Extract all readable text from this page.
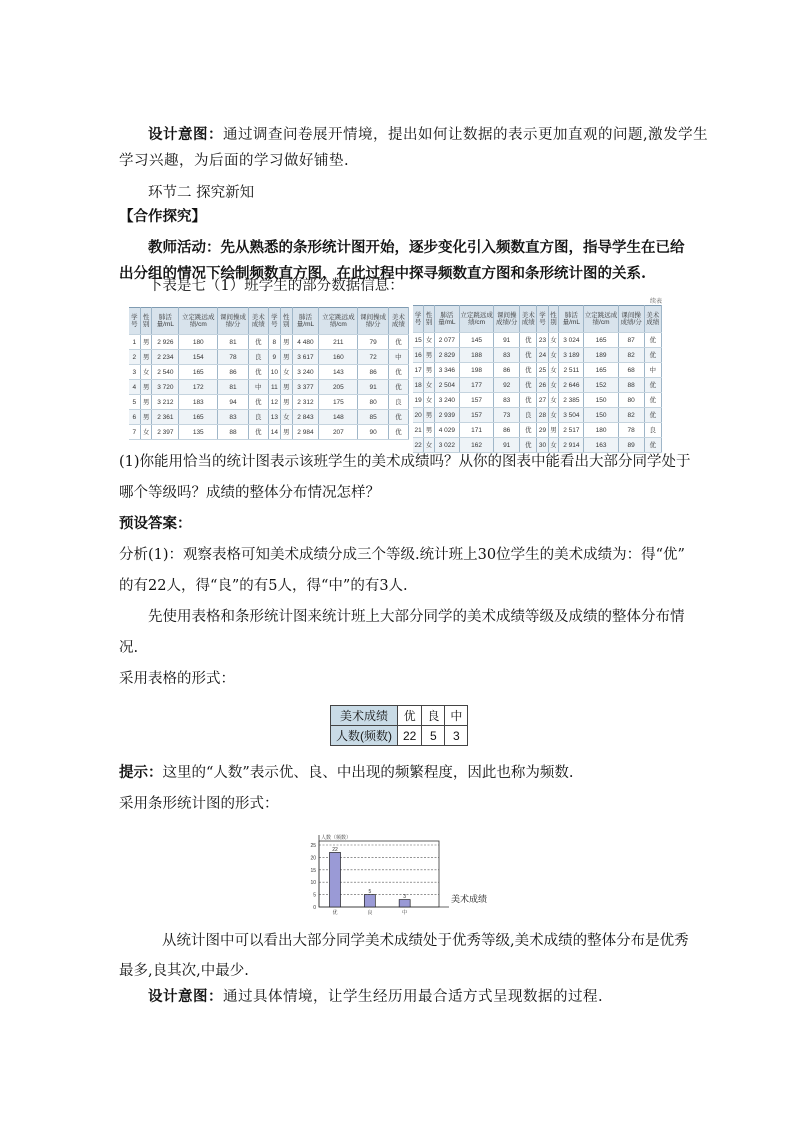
设计意图：通过调查问卷展开情境，提出如何让数据的表示更加直观的问题,激发学生
学习兴趣，为后面的学习做好铺垫.
环节二 探究新知
【合作探究】
教师活动：先从熟悉的条形统计图开始，逐步变化引入频数直方图，指导学生在已给
出分组的情况下绘制频数直方图，在此过程中探寻频数直方图和条形统计图的关系.
下表是七（1）班学生的部分数据信息：
续表
学号	性别	肺活量/mL	立定跳远成绩/cm	课间操成绩/分	美术成绩	学号	性别	肺活量/mL	立定跳远成绩/cm	课间操成绩/分	美术成绩
1	男	2 926	180	81	优	8	男	4 480	211	79	优
2	男	2 234	154	78	良	9	男	3 617	160	72	中
3	女	2 540	165	86	优	10	女	3 240	143	86	优
4	男	3 720	172	81	中	11	男	3 377	205	91	优
5	男	3 212	183	94	优	12	男	2 312	175	80	良
6	男	2 361	165	83	良	13	女	2 843	148	85	优
7	女	2 397	135	88	优	14	男	2 984	207	90	优
学号	性别	肺活量/mL	立定跳远成绩/cm	课间操成绩/分	美术成绩	学号	性别	肺活量/mL	立定跳远成绩/cm	课间操成绩/分	美术成绩
15	女	2 077	145	91	优	23	女	3 024	165	87	优
16	男	2 829	188	83	优	24	女	3 189	189	82	优
17	男	3 346	198	86	优	25	女	2 511	165	68	中
18	女	2 504	177	92	优	26	女	2 646	152	88	优
19	女	3 240	157	83	优	27	女	2 385	150	80	优
20	男	2 939	157	73	良	28	女	3 504	150	82	优
21	男	4 029	171	86	优	29	男	2 517	180	78	良
22	女	3 022	162	91	优	30	女	2 914	163	89	优
(1)你能用恰当的统计图表示该班学生的美术成绩吗？从你的图表中能看出大部分同学处于
哪个等级吗？成绩的整体分布情况怎样？
预设答案：
分析(1)：观察表格可知美术成绩分成三个等级.统计班上30位学生的美术成绩为：得“优”
的有22人，得“良”的有5人，得“中”的有3人.
先使用表格和条形统计图来统计班上大部分同学的美术成绩等级及成绩的整体分布情
况.
采用表格的形式：
美术成绩	优	良	中
人数(频数)	22	5	3
提示：这里的“人数”表示优、良、中出现的频繁程度，因此也称为频数.
采用条形统计图的形式：
0
5
10
15
20
25
人数（频数）
美术成绩
22
优
5
良
3
中
从统计图中可以看出大部分同学美术成绩处于优秀等级,美术成绩的整体分布是优秀
最多,良其次,中最少.
设计意图：通过具体情境，让学生经历用最合适方式呈现数据的过程.
